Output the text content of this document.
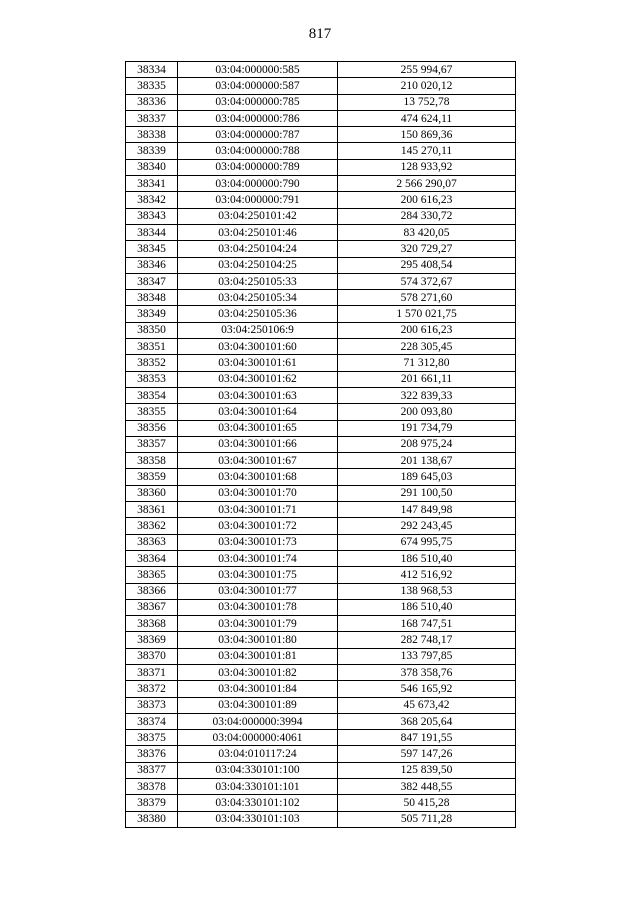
817
38334	03:04:000000:585	255 994,67
38335	03:04:000000:587	210 020,12
38336	03:04:000000:785	13 752,78
38337	03:04:000000:786	474 624,11
38338	03:04:000000:787	150 869,36
38339	03:04:000000:788	145 270,11
38340	03:04:000000:789	128 933,92
38341	03:04:000000:790	2 566 290,07
38342	03:04:000000:791	200 616,23
38343	03:04:250101:42	284 330,72
38344	03:04:250101:46	83 420,05
38345	03:04:250104:24	320 729,27
38346	03:04:250104:25	295 408,54
38347	03:04:250105:33	574 372,67
38348	03:04:250105:34	578 271,60
38349	03:04:250105:36	1 570 021,75
38350	03:04:250106:9	200 616,23
38351	03:04:300101:60	228 305,45
38352	03:04:300101:61	71 312,80
38353	03:04:300101:62	201 661,11
38354	03:04:300101:63	322 839,33
38355	03:04:300101:64	200 093,80
38356	03:04:300101:65	191 734,79
38357	03:04:300101:66	208 975,24
38358	03:04:300101:67	201 138,67
38359	03:04:300101:68	189 645,03
38360	03:04:300101:70	291 100,50
38361	03:04:300101:71	147 849,98
38362	03:04:300101:72	292 243,45
38363	03:04:300101:73	674 995,75
38364	03:04:300101:74	186 510,40
38365	03:04:300101:75	412 516,92
38366	03:04:300101:77	138 968,53
38367	03:04:300101:78	186 510,40
38368	03:04:300101:79	168 747,51
38369	03:04:300101:80	282 748,17
38370	03:04:300101:81	133 797,85
38371	03:04:300101:82	378 358,76
38372	03:04:300101:84	546 165,92
38373	03:04:300101:89	45 673,42
38374	03:04:000000:3994	368 205,64
38375	03:04:000000:4061	847 191,55
38376	03:04:010117:24	597 147,26
38377	03:04:330101:100	125 839,50
38378	03:04:330101:101	382 448,55
38379	03:04:330101:102	50 415,28
38380	03:04:330101:103	505 711,28
